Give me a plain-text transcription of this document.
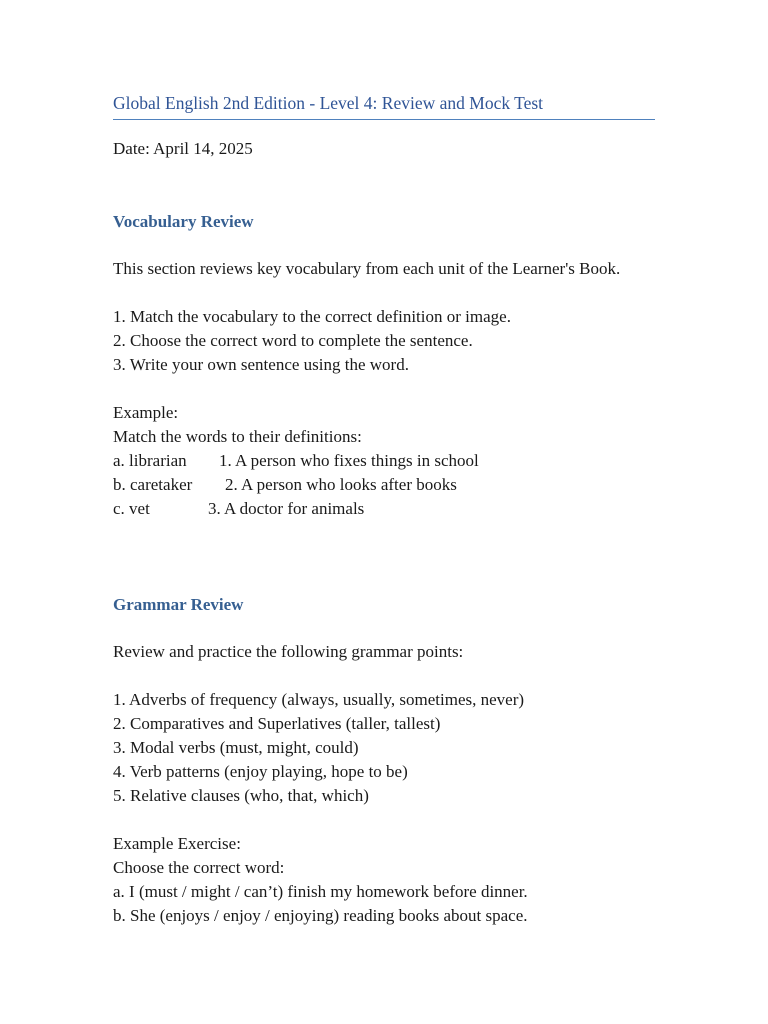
Global English 2nd Edition - Level 4: Review and Mock Test
Date: April 14, 2025
Vocabulary Review
This section reviews key vocabulary from each unit of the Learner's Book.
1. Match the vocabulary to the correct definition or image.
2. Choose the correct word to complete the sentence.
3. Write your own sentence using the word.
Example:
Match the words to their definitions:
a. librarian 1. A person who fixes things in school
b. caretaker 2. A person who looks after books
c. vet	3. A doctor for animals
Grammar Review
Review and practice the following grammar points:
1. Adverbs of frequency (always, usually, sometimes, never)
2. Comparatives and Superlatives (taller, tallest)
3. Modal verbs (must, might, could)
4. Verb patterns (enjoy playing, hope to be)
5. Relative clauses (who, that, which)
Example Exercise:
Choose the correct word:
a. I (must / might / can’t) finish my homework before dinner.
b. She (enjoys / enjoy / enjoying) reading books about space.
